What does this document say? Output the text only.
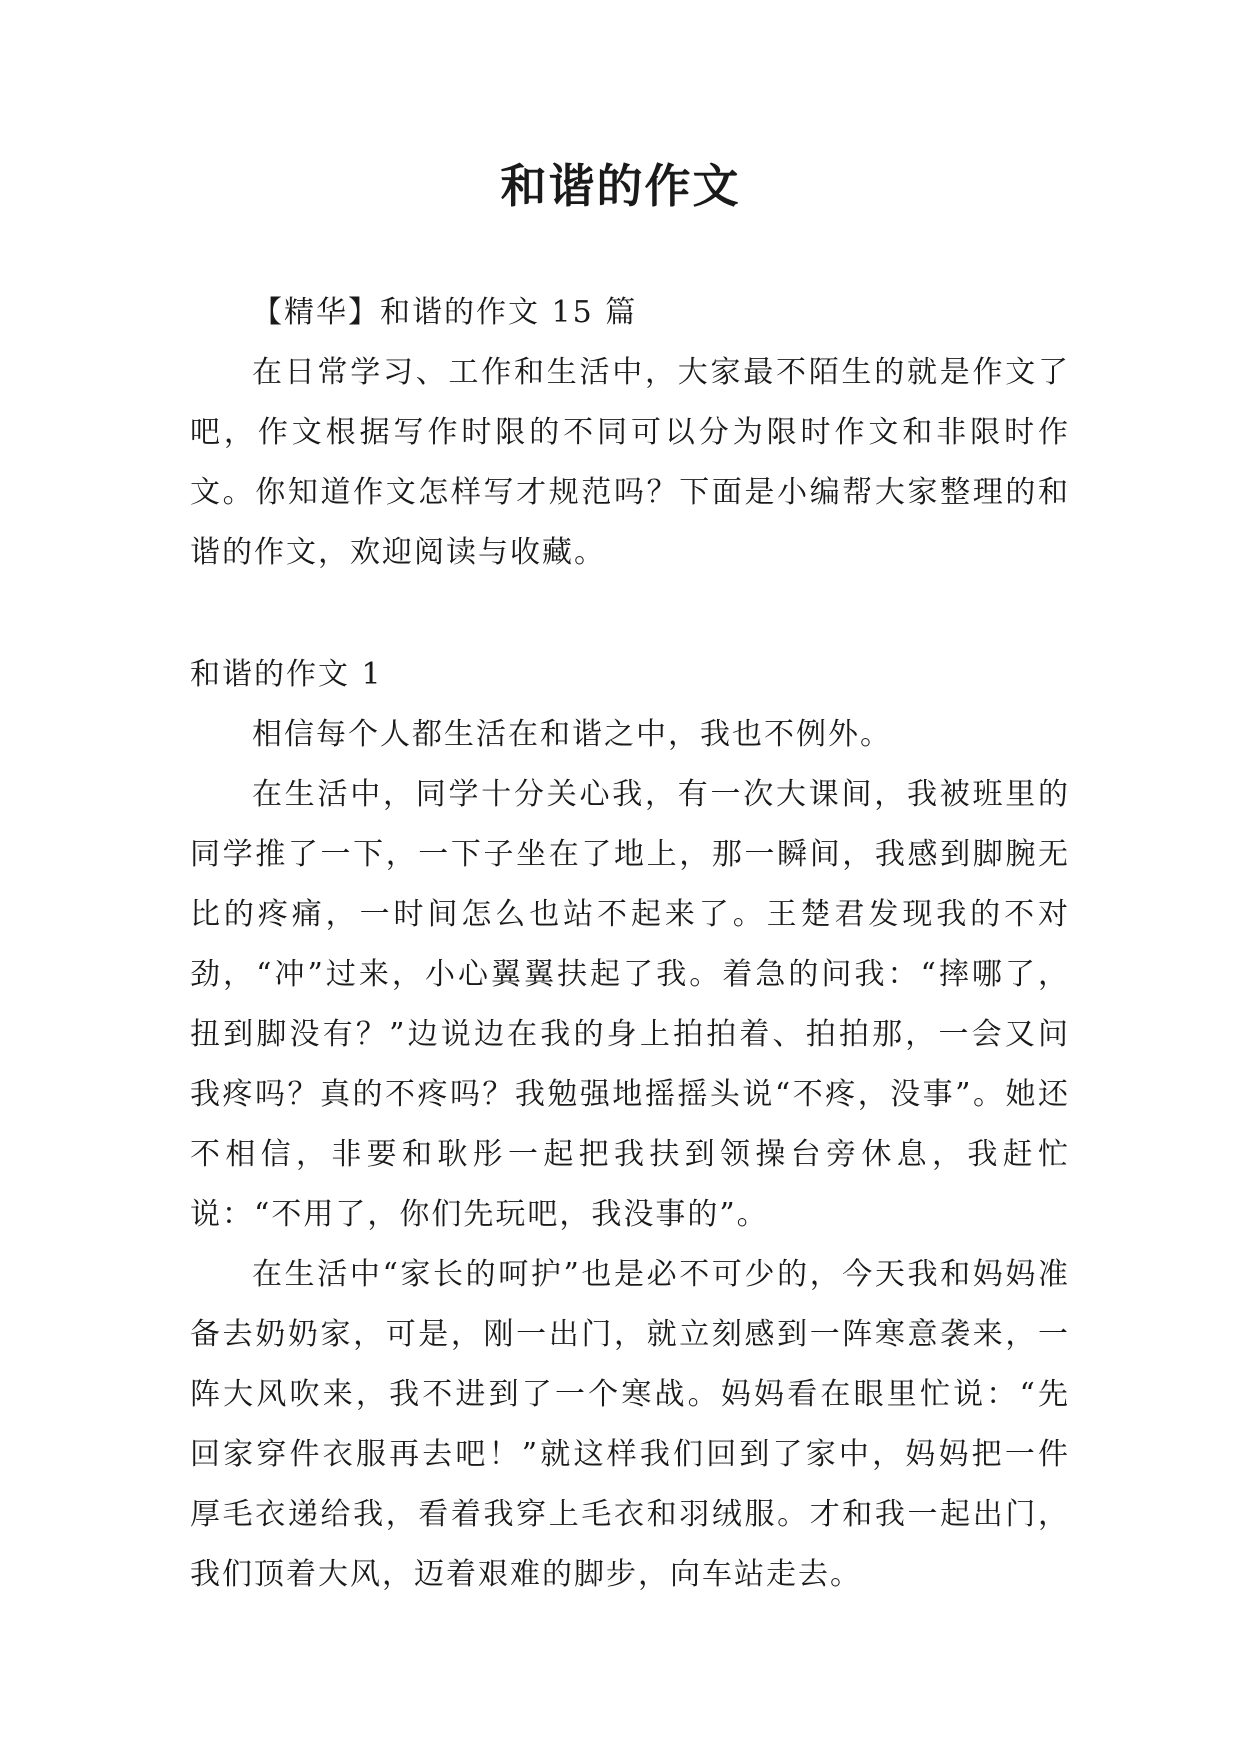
和谐的作文

【精华】和谐的作文 15 篇

在日常学习、工作和生活中，大家最不陌生的就是作文了吧，作文根据写作时限的不同可以分为限时作文和非限时作文。你知道作文怎样写才规范吗？下面是小编帮大家整理的和谐的作文，欢迎阅读与收藏。

和谐的作文 1

相信每个人都生活在和谐之中，我也不例外。

在生活中，同学十分关心我，有一次大课间，我被班里的同学推了一下，一下子坐在了地上，那一瞬间，我感到脚腕无比的疼痛，一时间怎么也站不起来了。王楚君发现我的不对劲，“冲”过来，小心翼翼扶起了我。着急的问我：“摔哪了，扭到脚没有？”边说边在我的身上拍拍着、拍拍那，一会又问我疼吗？真的不疼吗？我勉强地摇摇头说“不疼，没事”。她还不相信，非要和耿彤一起把我扶到领操台旁休息，我赶忙说：“不用了，你们先玩吧，我没事的”。

在生活中“家长的呵护”也是必不可少的，今天我和妈妈准备去奶奶家，可是，刚一出门，就立刻感到一阵寒意袭来，一阵大风吹来，我不进到了一个寒战。妈妈看在眼里忙说：“先回家穿件衣服再去吧！”就这样我们回到了家中，妈妈把一件厚毛衣递给我，看着我穿上毛衣和羽绒服。才和我一起出门，我们顶着大风，迈着艰难的脚步，向车站走去。
